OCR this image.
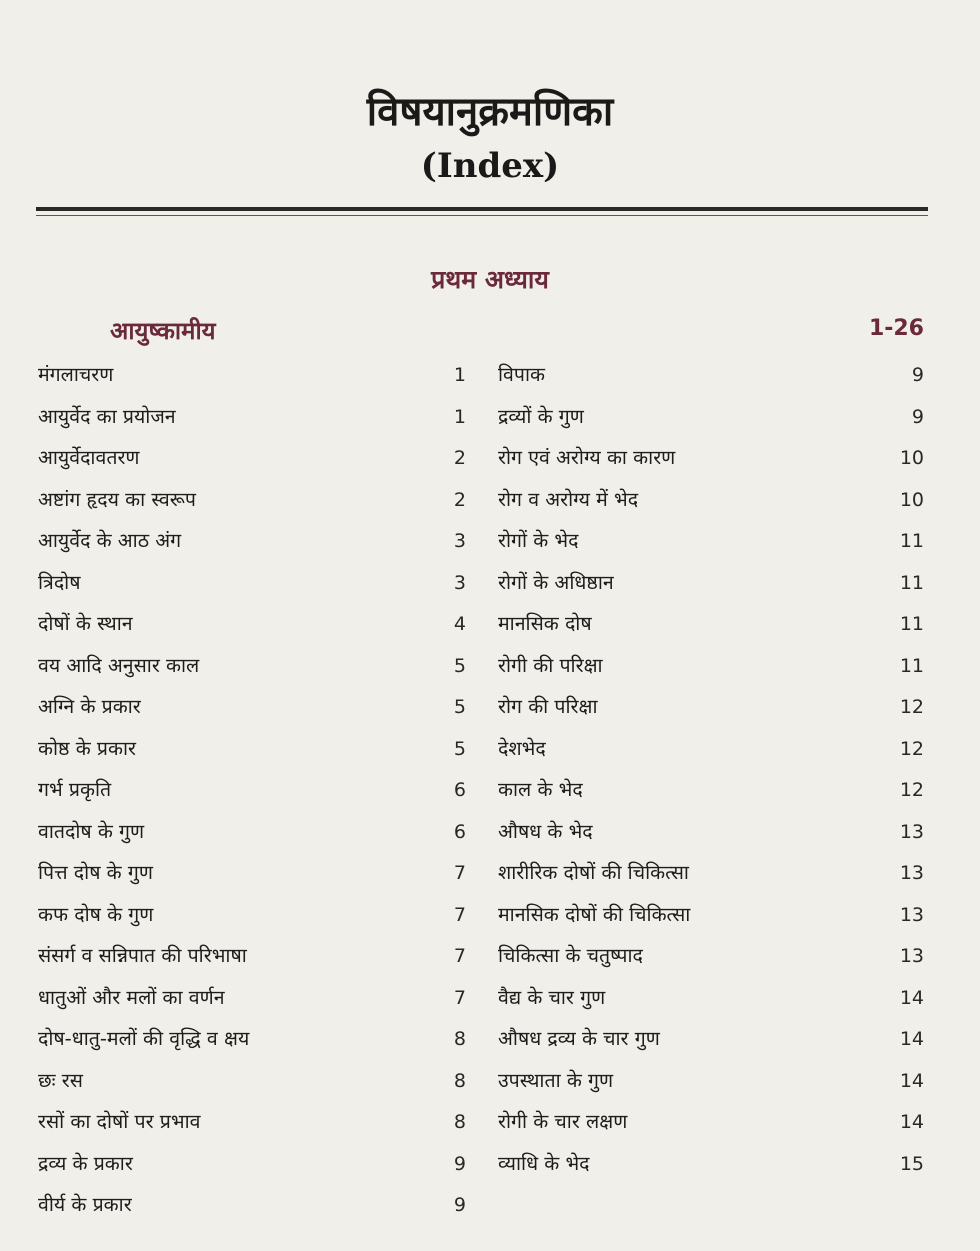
विषयानुक्रमणिका
(Index)
प्रथम अध्याय
आयुष्कामीय	1-26
मंगलाचरण	1
आयुर्वेद का प्रयोजन	1
आयुर्वेदावतरण	2
अष्टांग हृदय का स्वरूप	2
आयुर्वेद के आठ अंग	3
त्रिदोष	3
दोषों के स्थान	4
वय आदि अनुसार काल	5
अग्नि के प्रकार	5
कोष्ठ के प्रकार	5
गर्भ प्रकृति	6
वातदोष के गुण	6
पित्त दोष के गुण	7
कफ दोष के गुण	7
संसर्ग व सन्निपात की परिभाषा	7
धातुओं और मलों का वर्णन	7
दोष-धातु-मलों की वृद्धि व क्षय	8
छः रस	8
रसों का दोषों पर प्रभाव	8
द्रव्य के प्रकार	9
वीर्य के प्रकार	9
विपाक	9
द्रव्यों के गुण	9
रोग एवं अरोग्य का कारण	10
रोग व अरोग्य में भेद	10
रोगों के भेद	11
रोगों के अधिष्ठान	11
मानसिक दोष	11
रोगी की परिक्षा	11
रोग की परिक्षा	12
देशभेद	12
काल के भेद	12
औषध के भेद	13
शारीरिक दोषों की चिकित्सा	13
मानसिक दोषों की चिकित्सा	13
चिकित्सा के चतुष्पाद	13
वैद्य के चार गुण	14
औषध द्रव्य के चार गुण	14
उपस्थाता के गुण	14
रोगी के चार लक्षण	14
व्याधि के भेद	15
